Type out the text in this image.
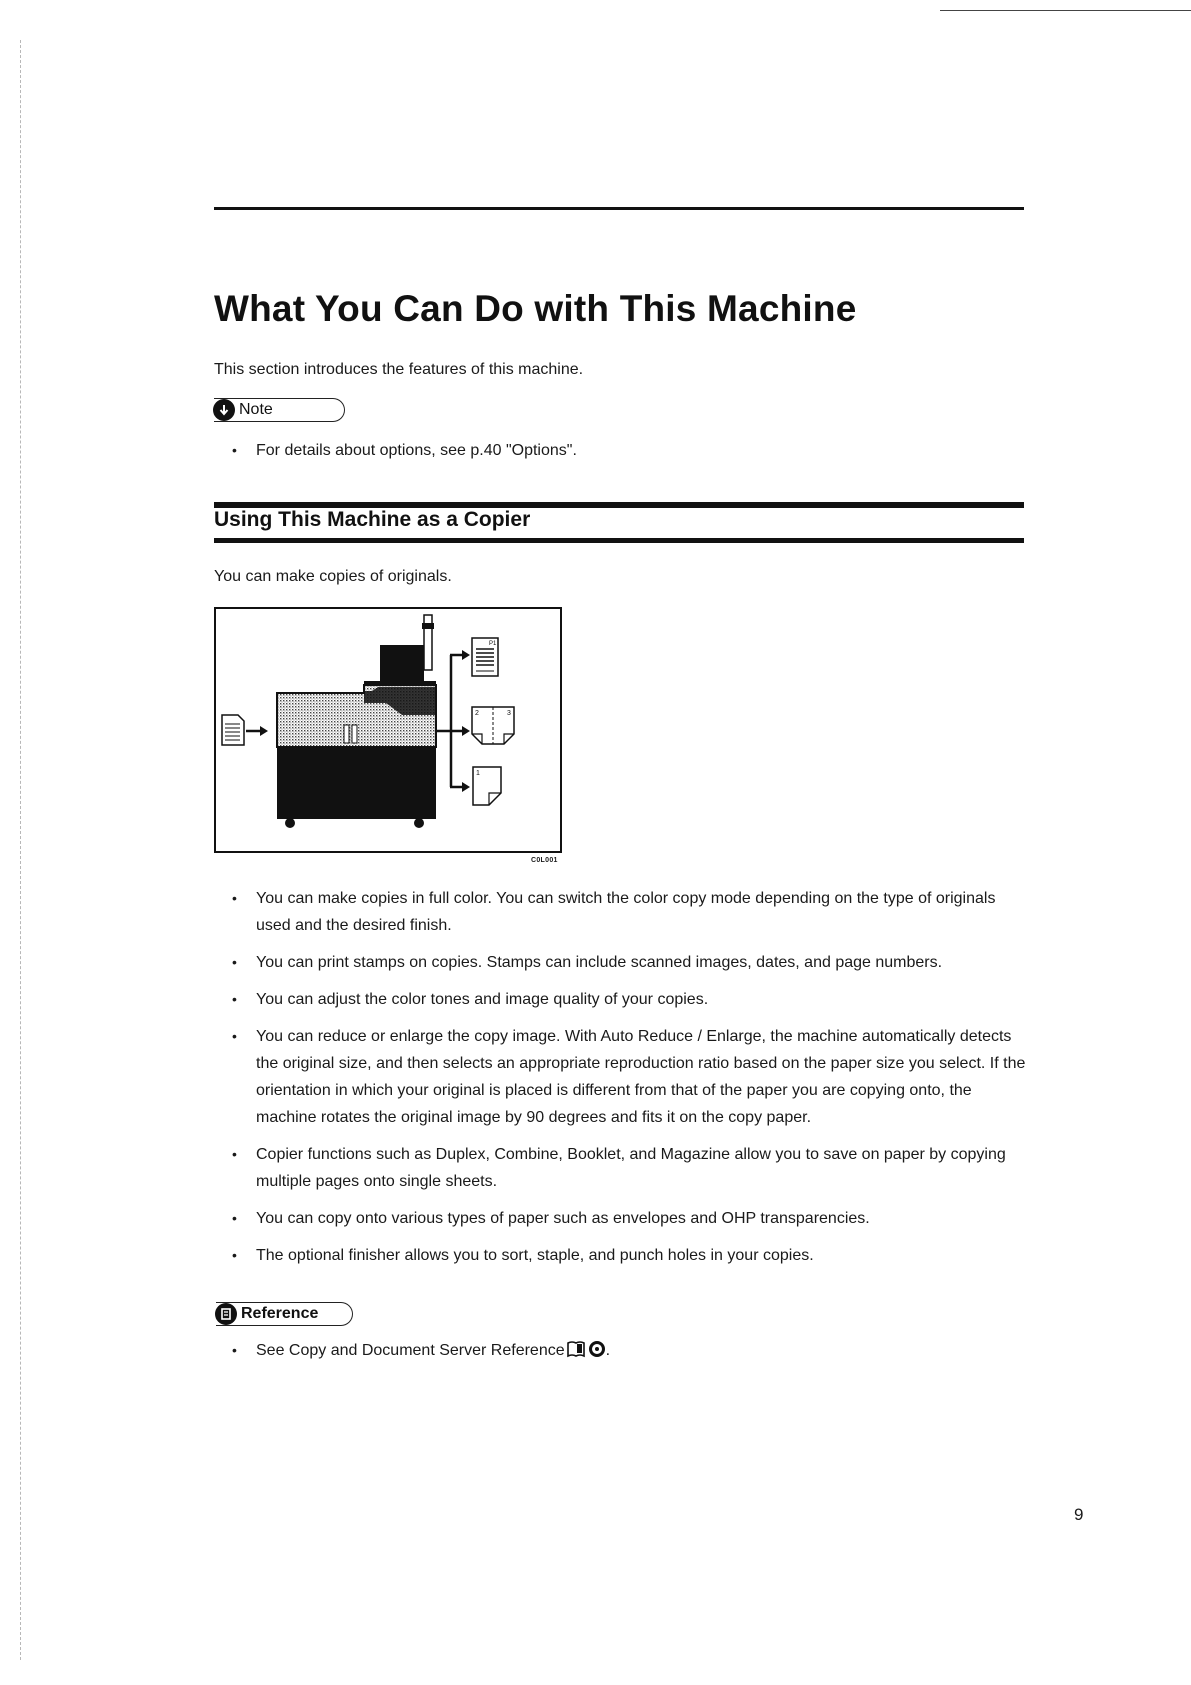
What You Can Do with This Machine

This section introduces the features of this machine.

Note
• For details about options, see p.40 "Options".
Using This Machine as a Copier

You can make copies of originals.

P1
2	3
1
C0L001
• You can make copies in full color. You can switch the color copy mode depending on the type of originals used and the desired finish.
• You can print stamps on copies. Stamps can include scanned images, dates, and page numbers.
• You can adjust the color tones and image quality of your copies.
• You can reduce or enlarge the copy image. With Auto Reduce / Enlarge, the machine automatically detects the original size, and then selects an appropriate reproduction ratio based on the paper size you select. If the orientation in which your original is placed is different from that of the paper you are copying onto, the machine rotates the original image by 90 degrees and fits it on the copy paper.
• Copier functions such as Duplex, Combine, Booklet, and Magazine allow you to save on paper by copying multiple pages onto single sheets.
• You can copy onto various types of paper such as envelopes and OHP transparencies.
• The optional finisher allows you to sort, staple, and punch holes in your copies.
Reference
• See Copy and Document Server Reference	.
9
